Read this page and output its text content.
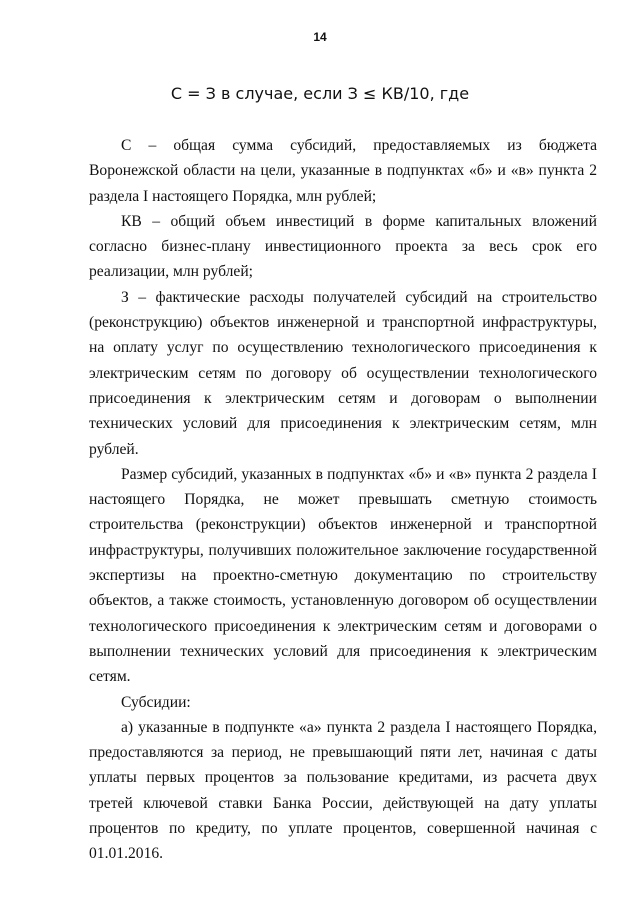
14
С = З в случае, если З ≤ КВ/10, где

С – общая сумма субсидий, предоставляемых из бюджета Воронежской области на цели, указанные в подпунктах «б» и «в» пункта 2 раздела I настоящего Порядка, млн рублей;

КВ – общий объем инвестиций в форме капитальных вложений согласно бизнес-плану инвестиционного проекта за весь срок его реализации, млн рублей;

З – фактические расходы получателей субсидий на строительство (реконструкцию) объектов инженерной и транспортной инфраструктуры, на оплату услуг по осуществлению технологического присоединения к электрическим сетям по договору об осуществлении технологического присоединения к электрическим сетям и договорам о выполнении технических условий для присоединения к электрическим сетям, млн рублей.

Размер субсидий, указанных в подпунктах «б» и «в» пункта 2 раздела I настоящего Порядка, не может превышать сметную стоимость строительства (реконструкции) объектов инженерной и транспортной инфраструктуры, получивших положительное заключение государственной экспертизы на проектно-сметную документацию по строительству объектов, а также стоимость, установленную договором об осуществлении технологического присоединения к электрическим сетям и договорами о выполнении технических условий для присоединения к электрическим сетям.

Субсидии:

а) указанные в подпункте «а» пункта 2 раздела I настоящего Порядка, предоставляются за период, не превышающий пяти лет, начиная с даты уплаты первых процентов за пользование кредитами, из расчета двух третей ключевой ставки Банка России, действующей на дату уплаты процентов по кредиту, по уплате процентов, совершенной начиная с 01.01.2016.
